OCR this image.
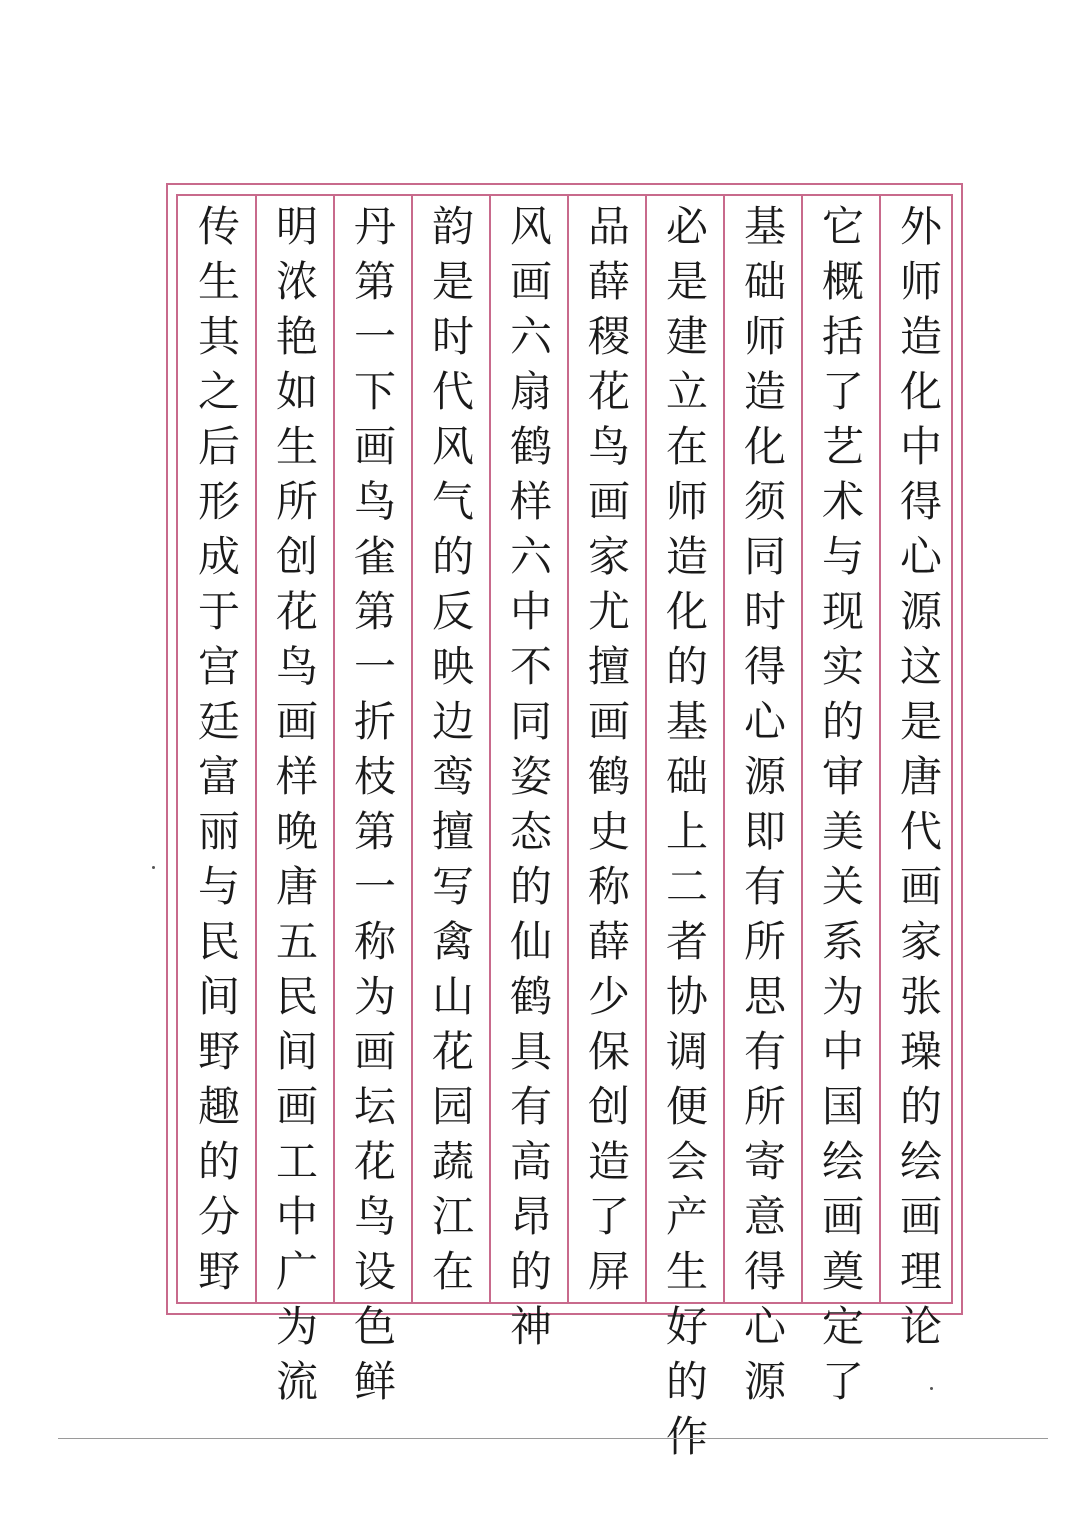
外师造化中得心源这是唐代画家张璪的绘画理论
它概括了艺术与现实的审美关系为中国绘画奠定了
基础师造化须同时得心源即有所思有所寄意得心源
必是建立在师造化的基础上二者协调便会产生好的作
品薛稷花鸟画家尤擅画鹤史称薛少保创造了屏
风画六扇鹤样六中不同姿态的仙鹤具有高昂的神
韵是时代风气的反映边鸾擅写禽山花园蔬江在
丹第一下画鸟雀第一折枝第一称为画坛花鸟设色鲜
明浓艳如生所创花鸟画样晚唐五民间画工中广为流
传生其之后形成于宫廷富丽与民间野趣的分野
